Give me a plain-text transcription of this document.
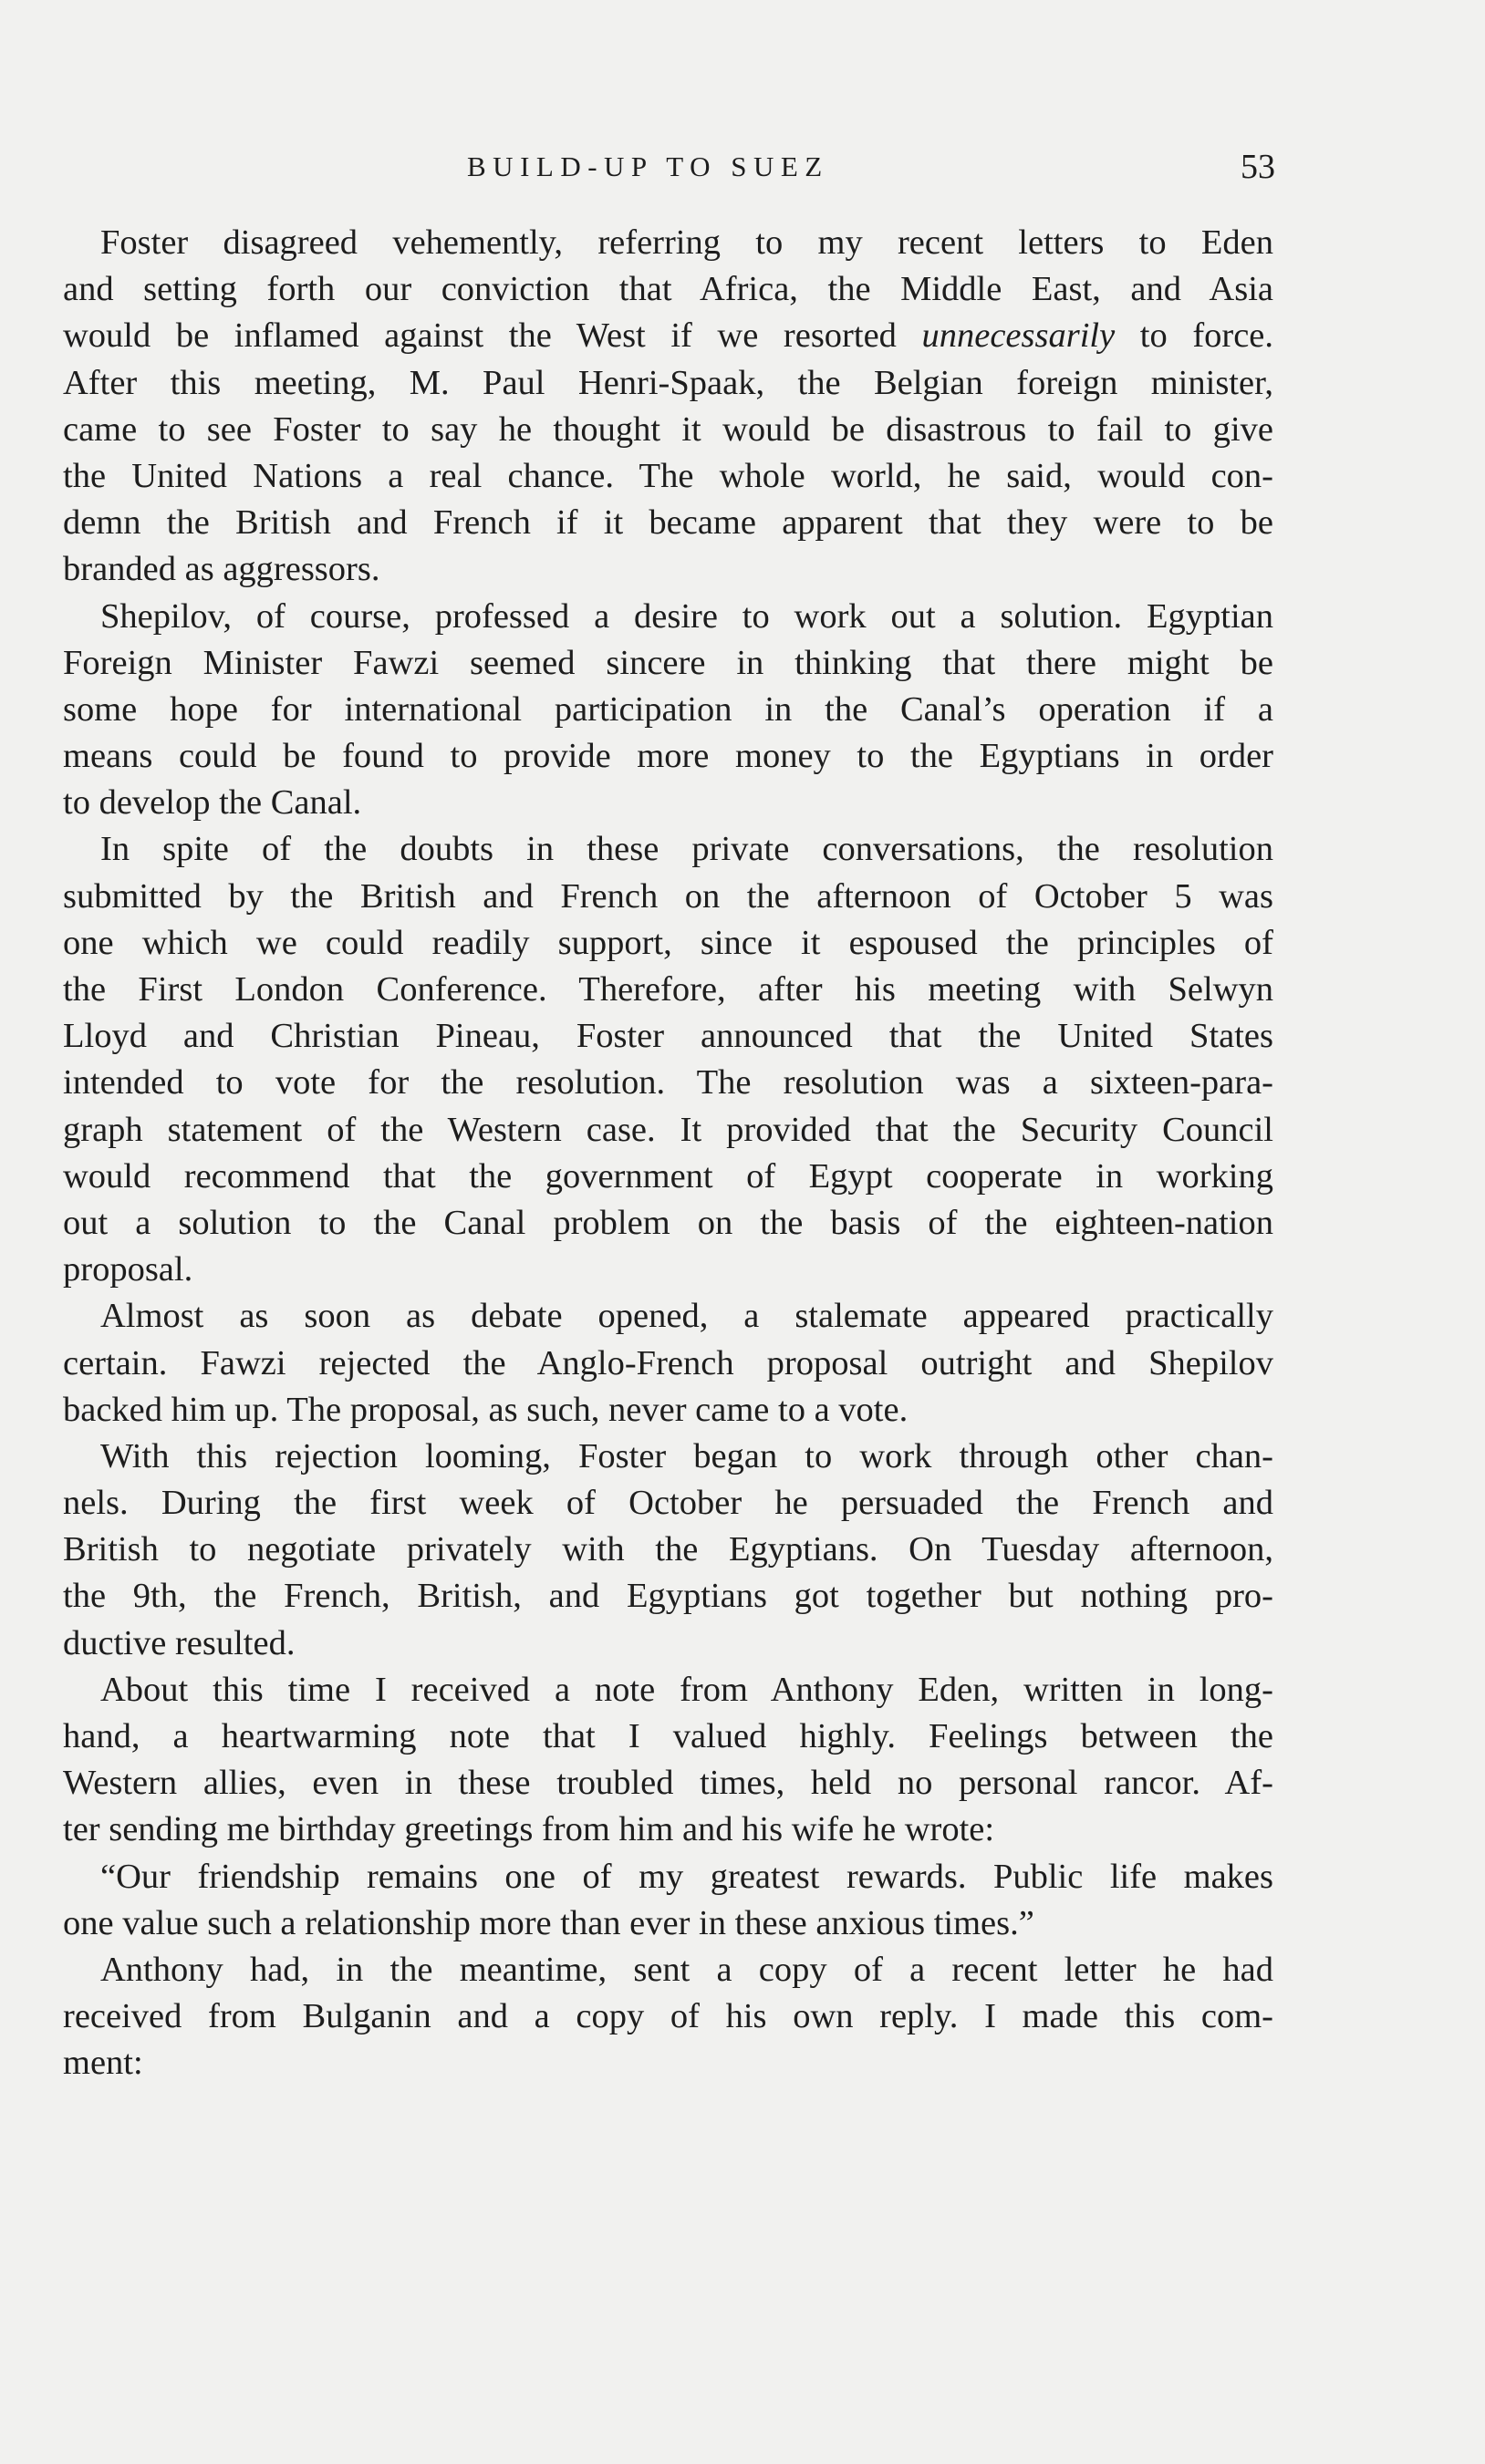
BUILD-UP TO SUEZ	53
Foster disagreed vehemently, referring to my recent letters to Eden
and setting forth our conviction that Africa, the Middle East, and Asia
would be inflamed against the West if we resorted unnecessarily to force.
After this meeting, M. Paul Henri-Spaak, the Belgian foreign minister,
came to see Foster to say he thought it would be disastrous to fail to give
the United Nations a real chance. The whole world, he said, would con-
demn the British and French if it became apparent that they were to be
branded as aggressors.
Shepilov, of course, professed a desire to work out a solution. Egyptian
Foreign Minister Fawzi seemed sincere in thinking that there might be
some hope for international participation in the Canal’s operation if a
means could be found to provide more money to the Egyptians in order
to develop the Canal.
In spite of the doubts in these private conversations, the resolution
submitted by the British and French on the afternoon of October 5 was
one which we could readily support, since it espoused the principles of
the First London Conference. Therefore, after his meeting with Selwyn
Lloyd and Christian Pineau, Foster announced that the United States
intended to vote for the resolution. The resolution was a sixteen-para-
graph statement of the Western case. It provided that the Security Council
would recommend that the government of Egypt cooperate in working
out a solution to the Canal problem on the basis of the eighteen-nation
proposal.
Almost as soon as debate opened, a stalemate appeared practically
certain. Fawzi rejected the Anglo-French proposal outright and Shepilov
backed him up. The proposal, as such, never came to a vote.
With this rejection looming, Foster began to work through other chan-
nels. During the first week of October he persuaded the French and
British to negotiate privately with the Egyptians. On Tuesday afternoon,
the 9th, the French, British, and Egyptians got together but nothing pro-
ductive resulted.
About this time I received a note from Anthony Eden, written in long-
hand, a heartwarming note that I valued highly. Feelings between the
Western allies, even in these troubled times, held no personal rancor. Af-
ter sending me birthday greetings from him and his wife he wrote:
“Our friendship remains one of my greatest rewards. Public life makes
one value such a relationship more than ever in these anxious times.”
Anthony had, in the meantime, sent a copy of a recent letter he had
received from Bulganin and a copy of his own reply. I made this com-
ment:
